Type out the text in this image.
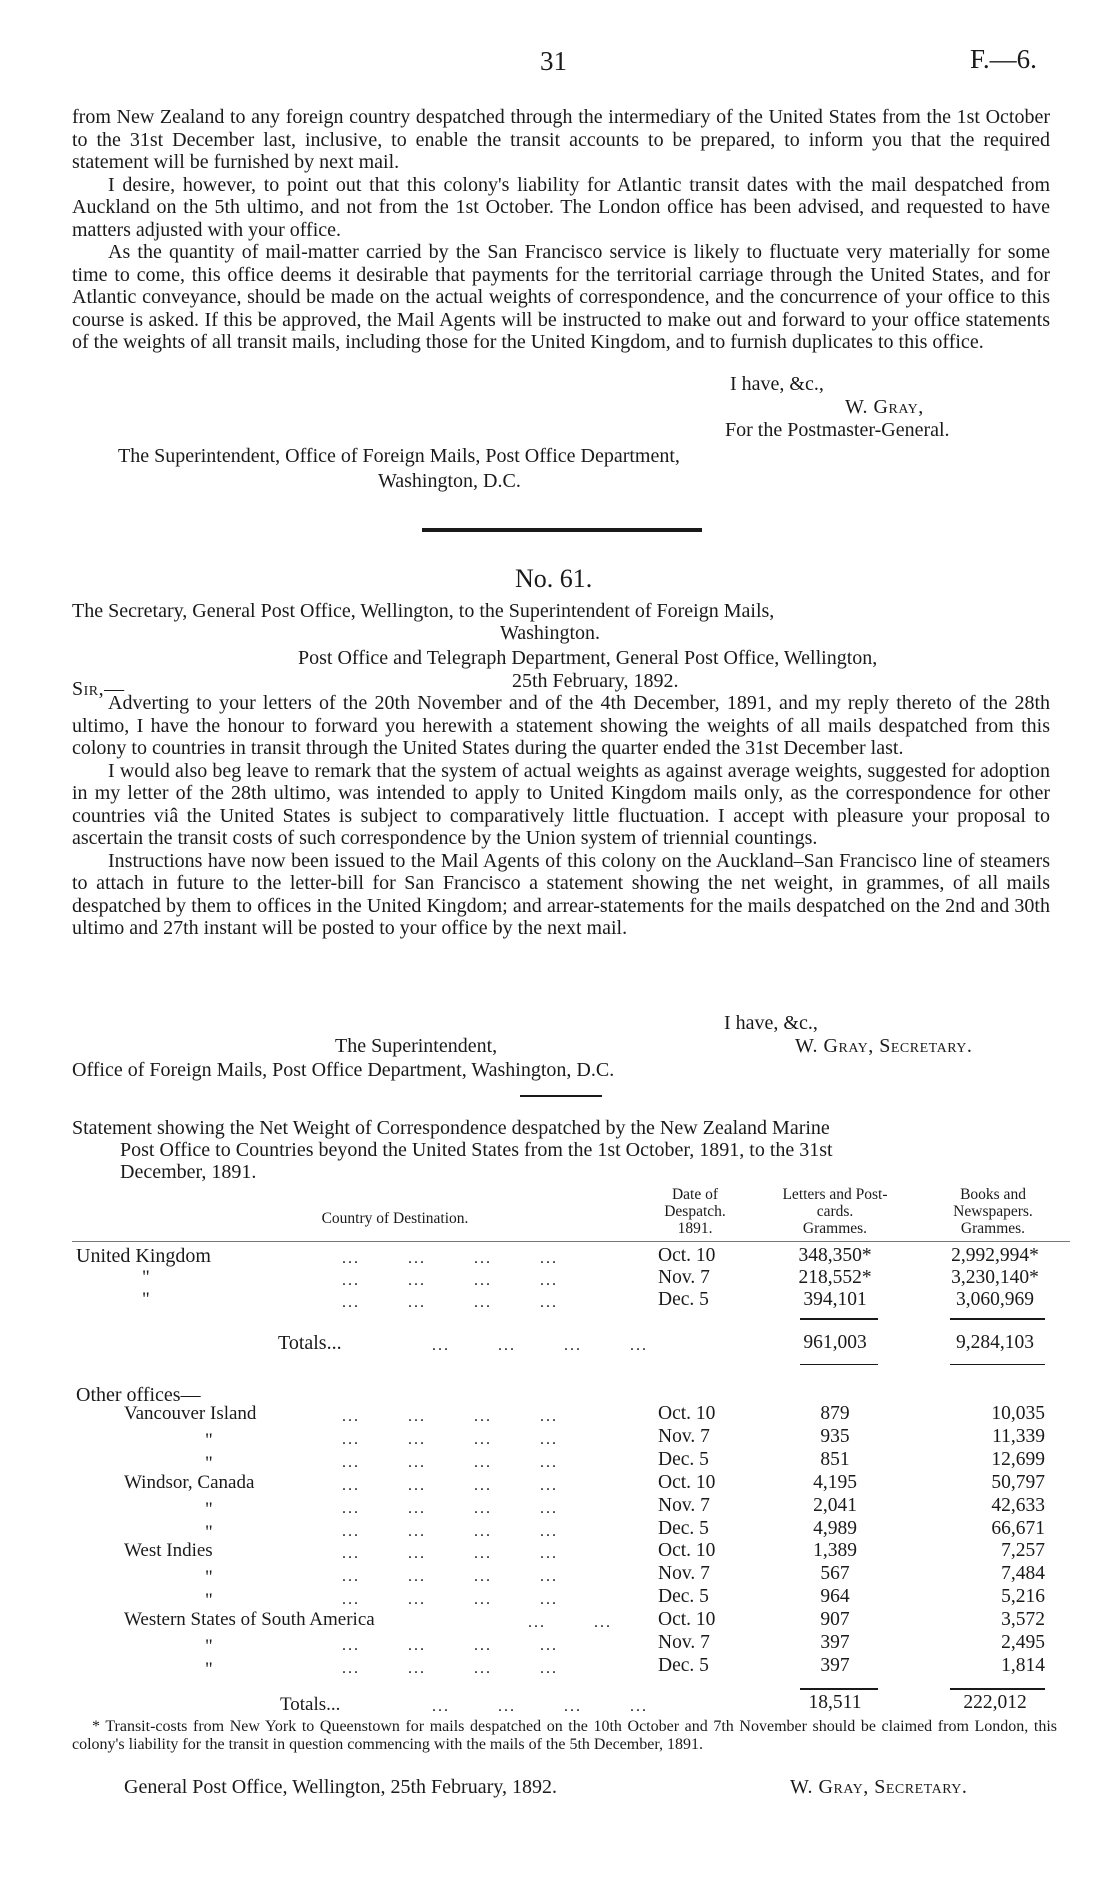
31	F.—6.

from New Zealand to any foreign country despatched through the intermediary of the United States from the 1st October to the 31st December last, inclusive, to enable the transit accounts to be prepared, to inform you that the required statement will be furnished by next mail.

I desire, however, to point out that this colony's liability for Atlantic transit dates with the mail despatched from Auckland on the 5th ultimo, and not from the 1st October. The London office has been advised, and requested to have matters adjusted with your office.

As the quantity of mail-matter carried by the San Francisco service is likely to fluctuate very materially for some time to come, this office deems it desirable that payments for the territorial carriage through the United States, and for Atlantic conveyance, should be made on the actual weights of correspondence, and the concurrence of your office to this course is asked. If this be approved, the Mail Agents will be instructed to make out and forward to your office statements of the weights of all transit mails, including those for the United Kingdom, and to furnish duplicates to this office.

I have, &c.,
W. Gray,
For the Postmaster-General.
The Superintendent, Office of Foreign Mails, Post Office Department,
Washington, D.C.
No. 61.
The Secretary, General Post Office, Wellington, to the Superintendent of Foreign Mails,
Washington.
Post Office and Telegraph Department, General Post Office, Wellington,
25th February, 1892.
Sir,—

Adverting to your letters of the 20th November and of the 4th December, 1891, and my reply thereto of the 28th ultimo, I have the honour to forward you herewith a statement showing the weights of all mails despatched from this colony to countries in transit through the United States during the quarter ended the 31st December last.

I would also beg leave to remark that the system of actual weights as against average weights, suggested for adoption in my letter of the 28th ultimo, was intended to apply to United Kingdom mails only, as the correspondence for other countries viâ the United States is subject to comparatively little fluctuation. I accept with pleasure your proposal to ascertain the transit costs of such correspondence by the Union system of triennial countings.

Instructions have now been issued to the Mail Agents of this colony on the Auckland–San Francisco line of steamers to attach in future to the letter-bill for San Francisco a statement showing the net weight, in grammes, of all mails despatched by them to offices in the United Kingdom; and arrear-statements for the mails despatched on the 2nd and 30th ultimo and 27th instant will be posted to your office by the next mail.

I have, &c.,
The Superintendent,	W. Gray, Secretary.
Office of Foreign Mails, Post Office Department, Washington, D.C.
Statement showing the Net Weight of Correspondence despatched by the New Zealand Marine
Post Office to Countries beyond the United States from the 1st October, 1891, to the 31st
December, 1891.
Country of Destination.
Date of
Despatch.
1891.
Letters and Post-
cards.
Grammes.
Books and
Newspapers.
Grammes.
United Kingdom	...        ...        ...        ...	Oct. 10	348,350*	2,992,994*
"	...        ...        ...        ...	Nov. 7	218,552*	3,230,140*
"	...        ...        ...        ...	Dec. 5	394,101	3,060,969
Totals...	...        ...        ...        ...	961,003	9,284,103
Other offices—
Vancouver Island	...        ...        ...        ...	Oct. 10	879	10,035
"	...        ...        ...        ...	Nov. 7	935	11,339
"	...        ...        ...        ...	Dec. 5	851	12,699
Windsor, Canada	...        ...        ...        ...	Oct. 10	4,195	50,797
"	...        ...        ...        ...	Nov. 7	2,041	42,633
"	...        ...        ...        ...	Dec. 5	4,989	66,671
West Indies	...        ...        ...        ...	Oct. 10	1,389	7,257
"	...        ...        ...        ...	Nov. 7	567	7,484
"	...        ...        ...        ...	Dec. 5	964	5,216
Western States of South America	...        ... Oct. 10	907	3,572
"	...        ...        ...        ...	Nov. 7	397	2,495
"	...        ...        ...        ...	Dec. 5	397	1,814
Totals...	...        ...        ...        ...	18,511	222,012
* Transit-costs from New York to Queenstown for mails despatched on the 10th October and 7th November should be claimed from London, this colony's liability for the transit in question commencing with the mails of the 5th December, 1891.
General Post Office, Wellington, 25th February, 1892.	W. Gray, Secretary.
